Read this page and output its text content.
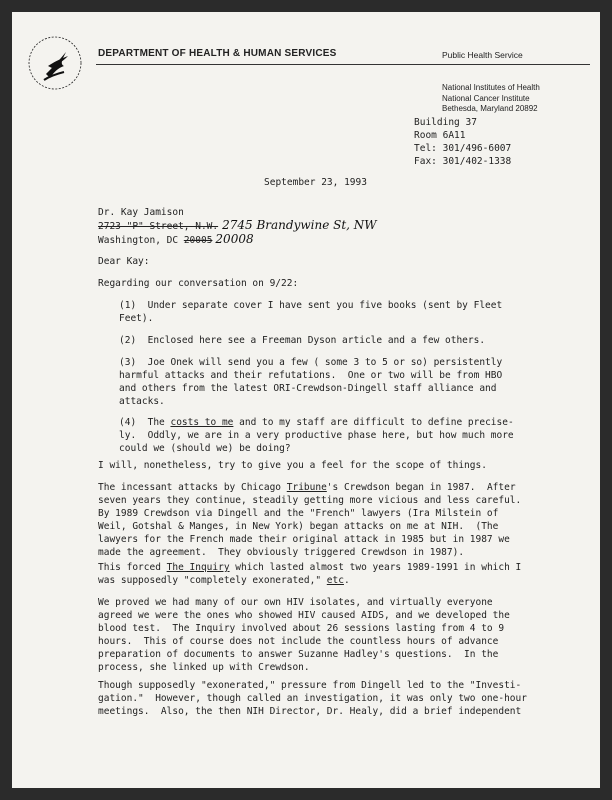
DEPARTMENT OF HEALTH & HUMAN SERVICES	Public Health Service
National Institutes of Health
National Cancer Institute
Bethesda, Maryland 20892
Building 37
Room 6A11
Tel: 301/496-6007
Fax: 301/402-1338
September 23, 1993
Dr. Kay Jamison
2723 "P" Street, N.W. 2745 Brandywine St, NW
Washington, DC 20005 20008
Dear Kay:
Regarding our conversation on 9/22:
(1)  Under separate cover I have sent you five books (sent by Fleet
Feet).
(2)  Enclosed here see a Freeman Dyson article and a few others.
(3)  Joe Onek will send you a few ( some 3 to 5 or so) persistently
harmful attacks and their refutations.  One or two will be from HBO
and others from the latest ORI-Crewdson-Dingell staff alliance and
attacks.
(4)  The costs to me and to my staff are difficult to define precise-
ly.  Oddly, we are in a very productive phase here, but how much more
could we (should we) be doing?
I will, nonetheless, try to give you a feel for the scope of things.
The incessant attacks by Chicago Tribune's Crewdson began in 1987.  After
seven years they continue, steadily getting more vicious and less careful.
By 1989 Crewdson via Dingell and the "French" lawyers (Ira Milstein of
Weil, Gotshal & Manges, in New York) began attacks on me at NIH.  (The
lawyers for the French made their original attack in 1985 but in 1987 we
made the agreement.  They obviously triggered Crewdson in 1987).
This forced The Inquiry which lasted almost two years 1989-1991 in which I
was supposedly "completely exonerated," etc.
We proved we had many of our own HIV isolates, and virtually everyone
agreed we were the ones who showed HIV caused AIDS, and we developed the
blood test.  The Inquiry involved about 26 sessions lasting from 4 to 9
hours.  This of course does not include the countless hours of advance
preparation of documents to answer Suzanne Hadley's questions.  In the
process, she linked up with Crewdson.
Though supposedly "exonerated," pressure from Dingell led to the "Investi-
gation."  However, though called an investigation, it was only two one-hour
meetings.  Also, the then NIH Director, Dr. Healy, did a brief independent
